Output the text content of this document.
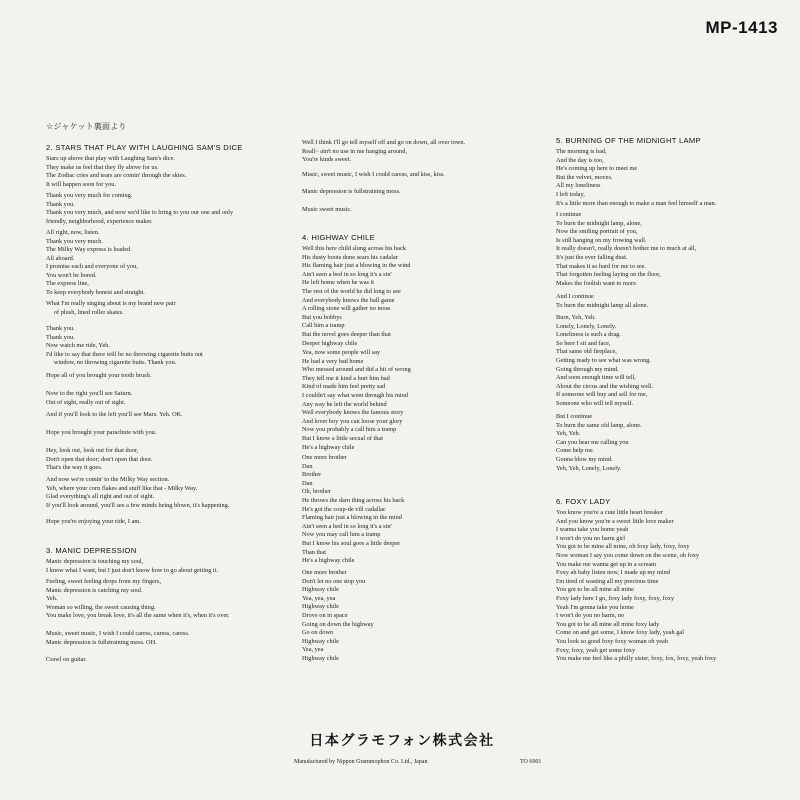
MP-1413
☆ジャケット裏面より
2. STARS THAT PLAY WITH LAUGHING SAM'S DICE
Stars up above that play with Laughing Sam's dice.
They make us feel that they fly above for us.
The Zodiac cries and tears are comin' through the skies.
It will happen soon for you.
Thank you very much for coming.
Thank you.
Thank you very much, and now we'd like to bring to you our one and only
friendly, neighborhood, experience maker.
All right, now, listen.
Thank you very much.
The Milky Way express is loaded.
All aboard.
I promise each and everyone of you,
You won't be bored.
The express line,
To keep everybody honest and straight.
What I'm really singing about is my brand new pair
of plush, lined roller skates.
Thank you.
Thank you.
Now watch me ride, Yeh.
I'd like to say that there will be no throwing cigarette butts out
window, no throwing cigarette butts. Thank you.
Hope all of you brought your tooth brush.
Now to the right you'll see Saturn.
Out of sight, really out of sight.
And if you'll look to the left you'll see Mars. Yeh. OK.
Hope you brought your parachute with you.
Hey, look out, look out for that door,
Don't open that door; don't open that door.
That's the way it goes.
And now we're comin' to the Milky Way section.
Yeh, where your corn flakes and stuff like that - Milky Way.
Glad everything's all right and out of sight.
If you'll look around, you'll see a few minds being blown, it's happening.
Hope you're enjoying your ride, I am.
3. MANIC DEPRESSION
Manic depression is touching my soul,
I know what I want, but I just don't know how to go about getting it.
Feeling, sweet feeling drops from my fingers,
Manic depression is catching my soul.
Yeh.
Woman so willing, the sweet causing thing.
You make love, you break love, it's all the same when it's, when it's over.
Music, sweet music, I wish I could caress, caress, caress.
Manic depression is fullstraining mess. OH.
Crawl on guitar.
Well I think I'll go tell myself off and go on down, all over town.
Reall~ ain't no use in me hanging around,
You're kinds sweet.
Music, sweet music, I wish I could caress, and kiss, kiss.
Manic depression is fullstraining mess.
Music sweet music.
4. HIGHWAY CHILE
Well this here child slung across his back
His dusty boots done sears his cadalar
His flaming hair just a blowing in the wind
Ain't seen a bed in so long it's a sin'
He left home when he was it
The rest of the world he did long to see
And everybody knows the ball game
A rolling stone will gather no moss
But you bobbys
Call him a tramp
But the novel goes deeper than that
Deeper highway chile
Yea, now some people will say
He had a very bad home
Who messed around and did a bit of wrong
They tell me it kind a hurt him bad
Kind of made him feel pretty sad
I couldn't say what went through his mind
Any way he left the world behind
Well everybody knows the famous story
And lover boy you can loose your glory
Now you probably a call him a tramp
But I know a little secual of that
He's a highway chile
One more brother
Dan
Brother
Dan
Oh, brother
He throws the darn thing across his back
He's got the coup-de vill cadallac
Flaming hair just a blowing in the mind
Ain't seen a bed in so long it's a sin'
Now you may call him a tramp
But I know his soul goes a little deeper
Than that
He's a highway chile
One more brother
Don't let no one stop you
Highway chile
Yea, yea, yea
Highway chile
Drove on in space
Going on down the highway
Go on down
Highway chile
Yea, yea
Highway chile
5. BURNING OF THE MIDNIGHT LAMP
The morning is bad,
And the day is too,
He's coming up here to meet me
But the velvet, moves.
All my loneliness
I left today,
It's a little more than enough to make a man feel himself a man.
I continue
To burn the midnight lamp, alone,
Now the smiling portrait of you,
Is still hanging on my frowing wall.
It really doesn't, really doesn't bother me to much at all,
It's just the ever falling dust.
That makes it so hard for me to see.
That forgotten feeling laying on the floor,
Makes the foolish want to more.
And I continue
To burn the midnight lamp all alone.
Burn, Yeh, Yeh.
Lonely, Lonely, Lonely.
Loneliness is such a drag.
So here I sit and face,
That same old fireplace,
Getting ready to see what was wrong.
Going through my mind.
And soon enough time will tell,
About the circus and the wishing well.
If someone will buy and sell for me,
Someone who will tell myself.
But I continue
To burn the same old lamp, alone.
Yeh, Yeh.
Can you hear me calling you
Come help me.
Gonna blow my mind.
Yeh, Yeh, Lonely, Lonely.
6. FOXY LADY
You know you're a cute little heart breaker
And you know you're a sweet little love maker
I wanna take you home yeah
I won't do you no harm girl
You got to be mine all mine, oh foxy lady, foxy, foxy
Now woman I say you come down on the scene, oh foxy
You make me wanna get up in a scream
Foxy ah baby listen now, I made up my mind
I'm tired of wasting all my precious time
You got to be all mine all mine
Foxy lady here I go, foxy lady foxy, foxy, foxy
Yeah I'm gonna take you home
I won't do you no harm, no
You got to be all mine all mine foxy lady
Come on and get some, I know foxy lady, yeah gal
You look so good foxy foxy woman oh yeah
Foxy, foxy, yeah get some foxy
You make me feel like a philly sister, foxy, fox, foxy, yeah foxy
日本グラモフォン株式会社
Manufactured by Nippon Grammophon Co. Ltd., Japan	TO 6901
